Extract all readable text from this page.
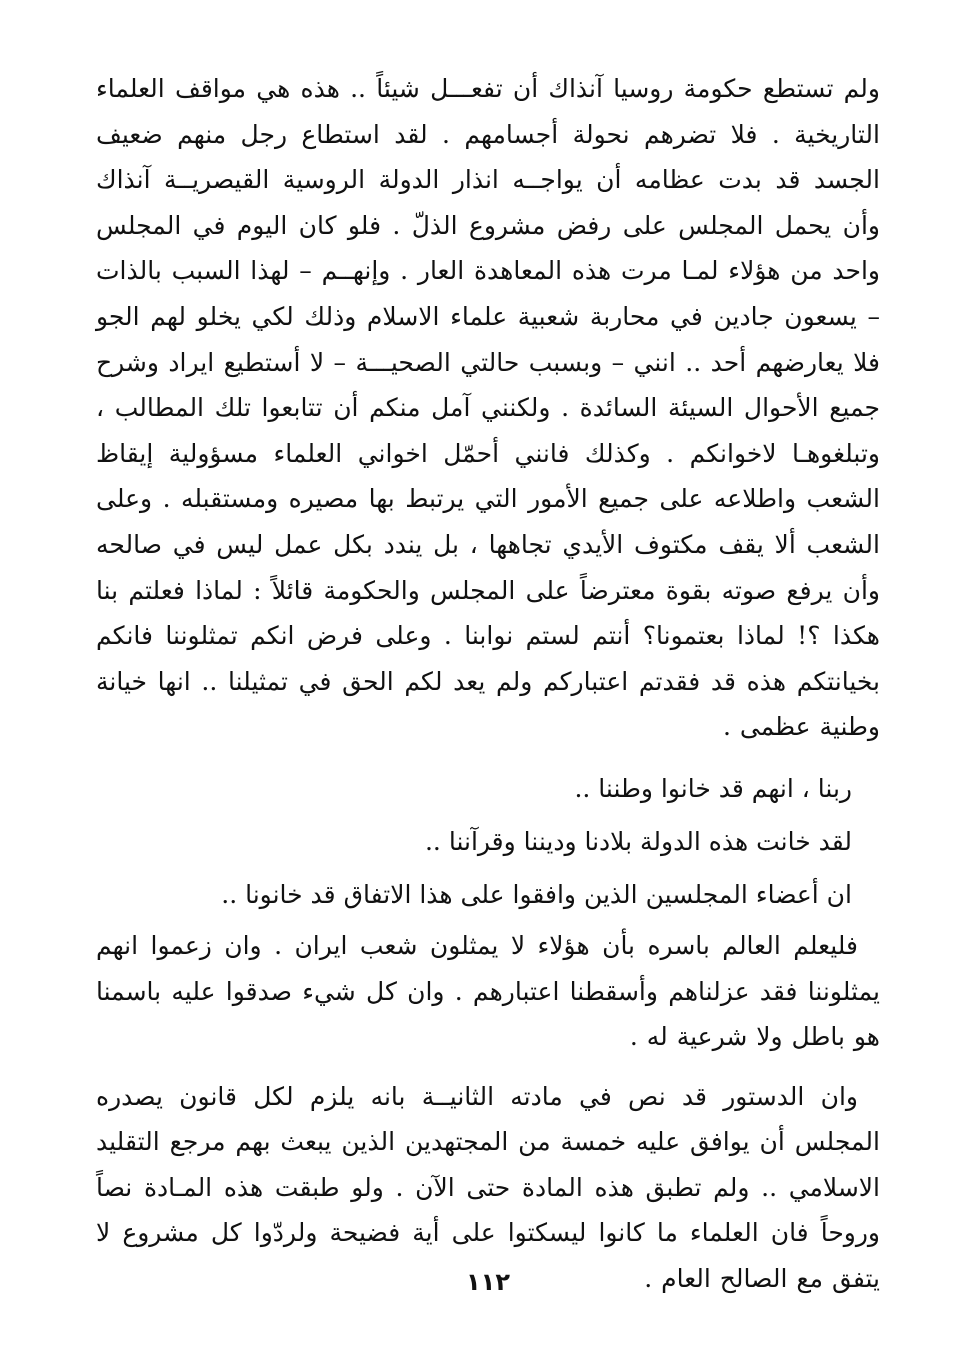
ولم تستطع حكومة روسيا آنذاك أن تفعـــل شيئاً .. هذه هي مواقف العلماء التاريخية . فلا تضرهم نحولة أجسامهم . لقد استطاع رجل منهم ضعيف الجسد قد بدت عظامه أن يواجــه انذار الدولة الروسية القيصريــة آنذاك وأن يحمل المجلس على رفض مشروع الذلّ . فلو كان اليوم في المجلس واحد من هؤلاء لمـا مرت هذه المعاهدة العار . وإنهــم – لهذا السبب بالذات – يسعون جادين في محاربة شعبية علماء الاسلام وذلك لكي يخلو لهم الجو فلا يعارضهم أحد .. انني – وبسبب حالتي الصحيـــة – لا أستطيع ايراد وشرح جميع الأحوال السيئة السائدة . ولكنني آمل منكم أن تتابعوا تلك المطالب ، وتبلغوهـا لاخوانكم . وكذلك فانني أحمّل اخواني العلماء مسؤولية إيقاظ الشعب واطلاعه على جميع الأمور التي يرتبط بها مصيره ومستقبله . وعلى الشعب ألا يقف مكتوف الأيدي تجاهها ، بل يندد بكل عمل ليس في صالحه وأن يرفع صوته بقوة معترضاً على المجلس والحكومة قائلاً : لماذا فعلتم بنا هكذا ؟! لماذا بعتمونا؟ أنتم لستم نوابنا . وعلى فرض انكم تمثلوننا فانكم بخيانتكم هذه قد فقدتم اعتباركم ولم يعد لكم الحق في تمثيلنا .. انها خيانة وطنية عظمى .

ربنا ، انهم قد خانوا وطننا ..

لقد خانت هذه الدولة بلادنا وديننا وقرآننا ..

ان أعضاء المجلسين الذين وافقوا على هذا الاتفاق قد خانونا ..

فليعلم العالم باسره بأن هؤلاء لا يمثلون شعب ايران . وان زعموا انهم يمثلوننا فقد عزلناهم وأسقطنا اعتبارهم . وان كل شيء صدقوا عليه باسمنا هو باطل ولا شرعية له .

وان الدستور قد نص في مادته الثانيــة بانه يلزم لكل قانون يصدره المجلس أن يوافق عليه خمسة من المجتهدين الذين يبعث بهم مرجع التقليد الاسلامي .. ولم تطبق هذه المادة حتى الآن . ولو طبقت هذه المـادة نصاً وروحاً فان العلماء ما كانوا ليسكتوا على أية فضيحة ولردّوا كل مشروع لا يتفق مع الصالح العام .

١١٢
